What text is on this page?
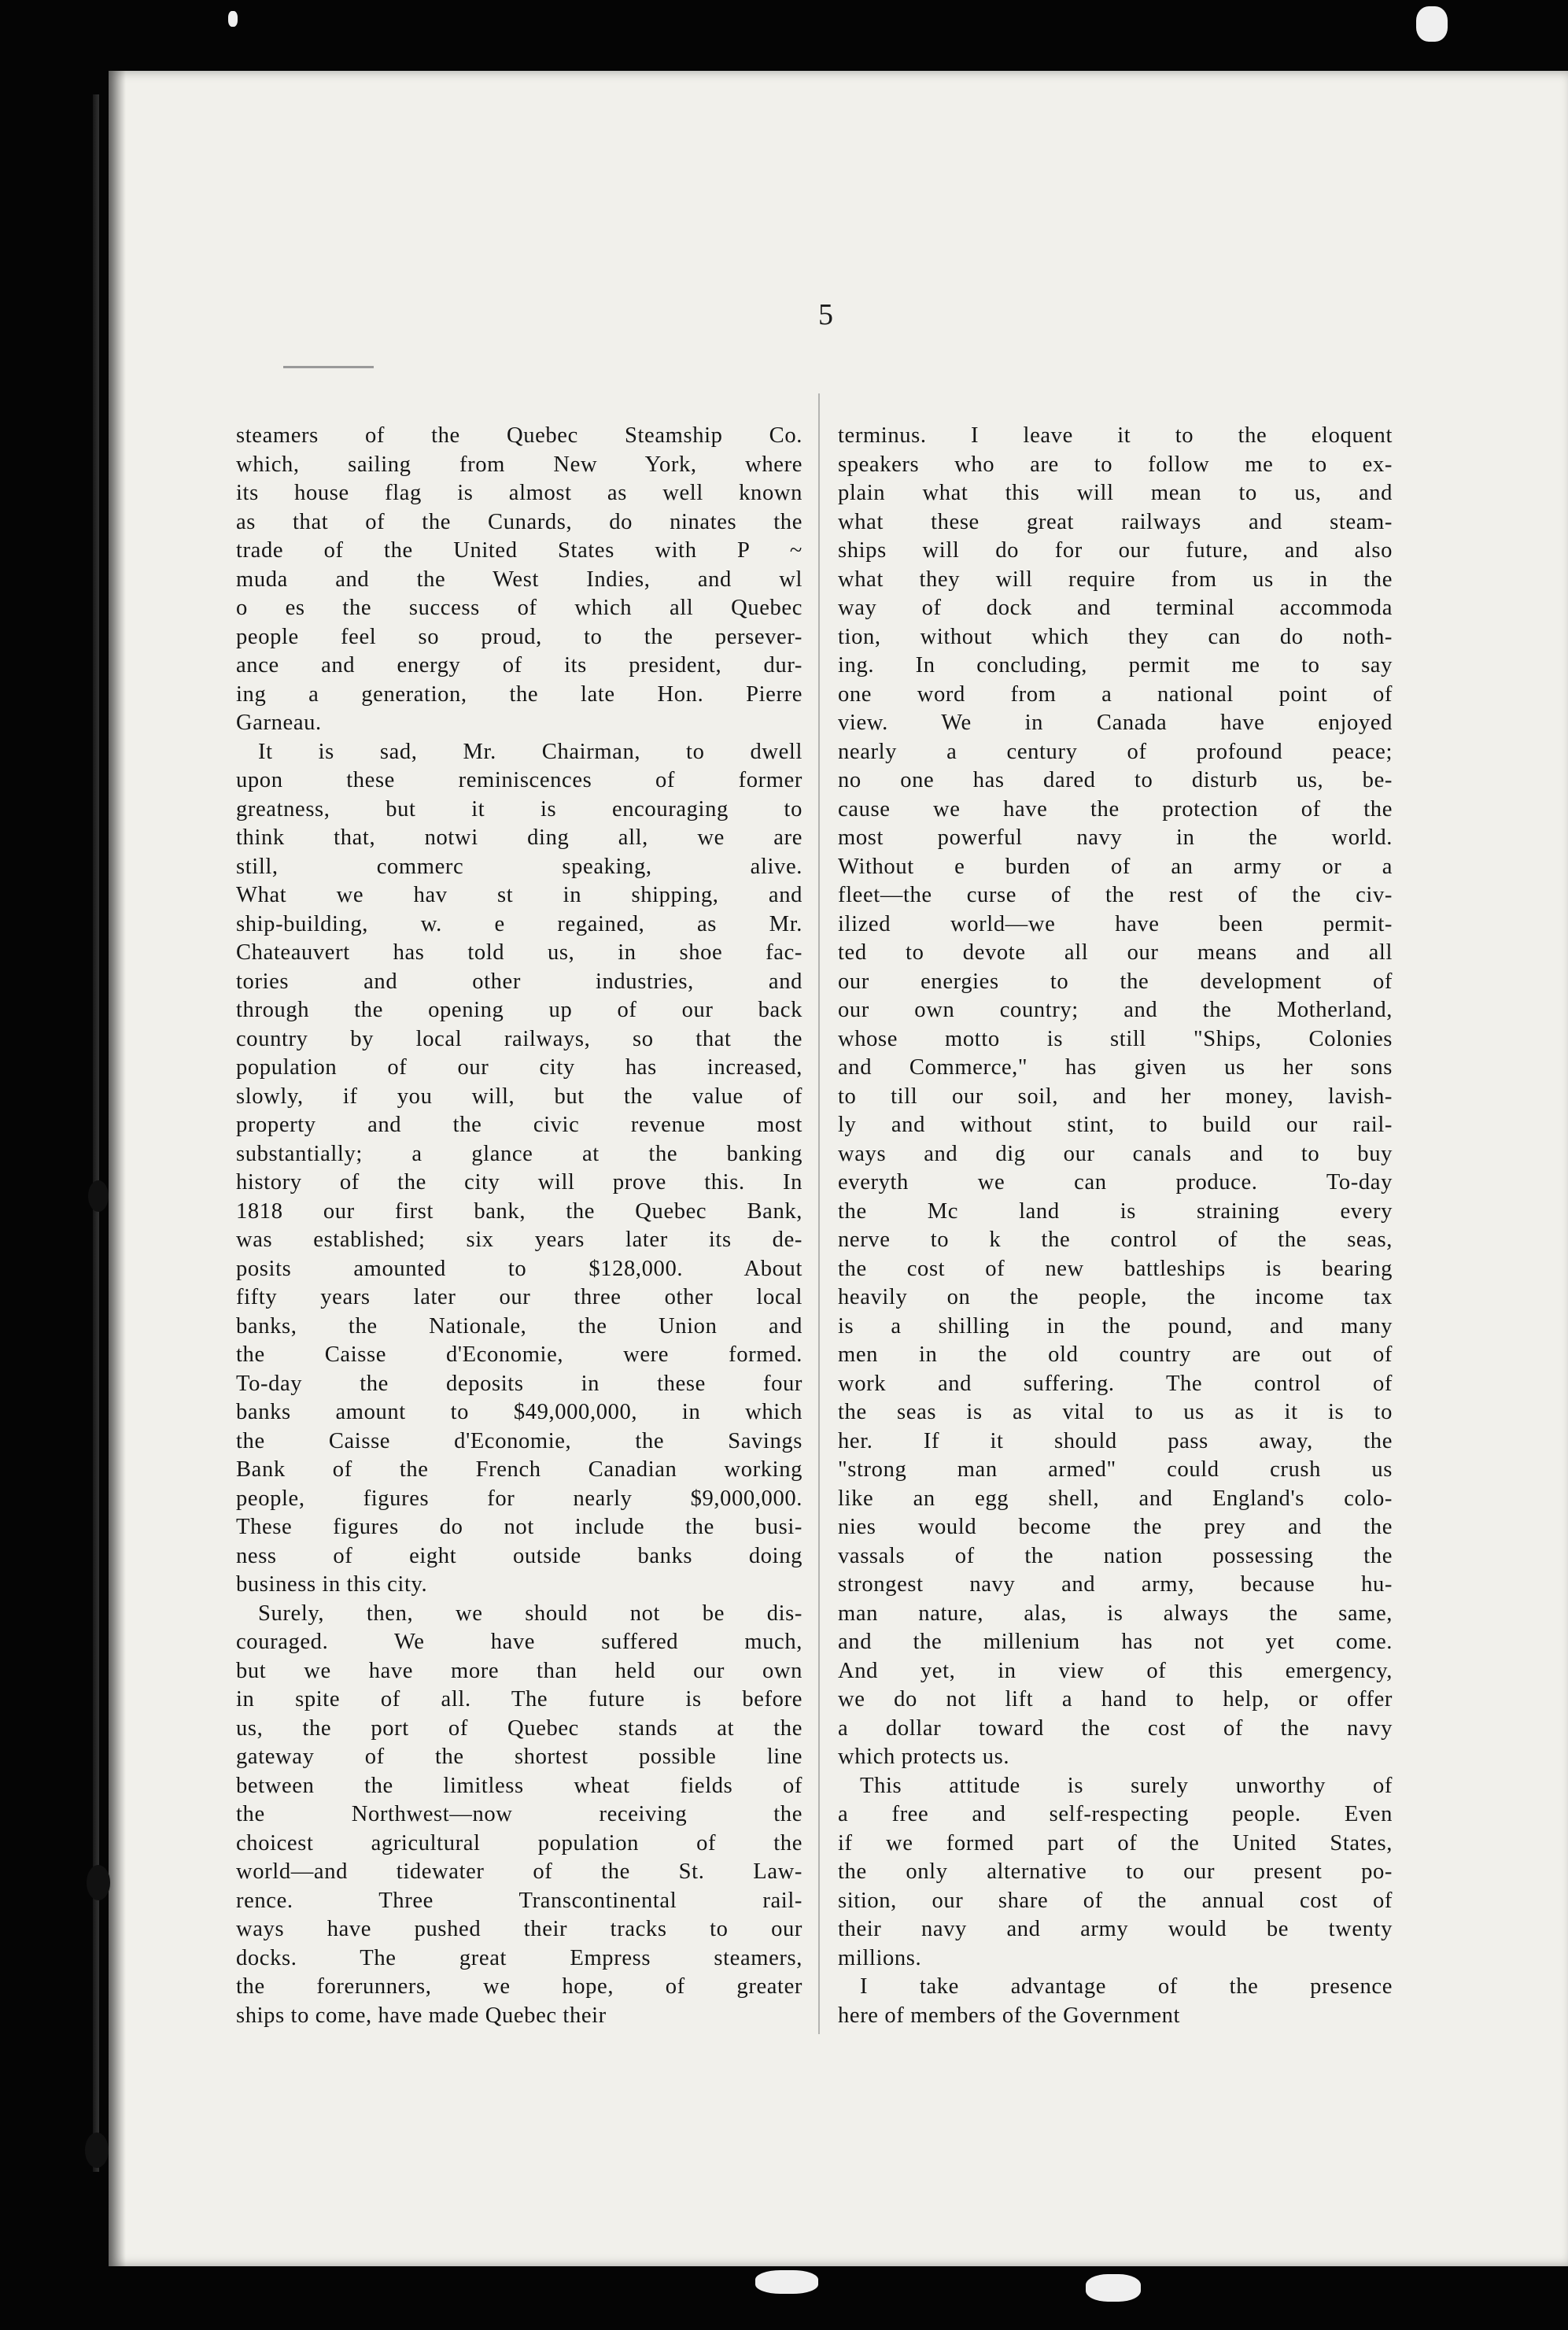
5

steamers of the Quebec Steamship Co.
which, sailing from New York, where
its house flag is almost as well known
as that of the Cunards, do ninates the
trade of the United States with P ~
muda and the West Indies, and wl
o es the success of which all Quebec
people feel so proud, to the persever-
ance and energy of its president, dur-
ing a generation, the late Hon. Pierre
Garneau.
It is sad, Mr. Chairman, to dwell
upon these reminiscences of former
greatness, but it is encouraging to
think that, notwi ding all, we are
still, commerc speaking, alive.
What we hav st in shipping, and
ship-building, w. e regained, as Mr.
Chateauvert has told us, in shoe fac-
tories and other industries, and
through the opening up of our back
country by local railways, so that the
population of our city has increased,
slowly, if you will, but the value of
property and the civic revenue most
substantially; a glance at the banking
history of the city will prove this. In
1818 our first bank, the Quebec Bank,
was established; six years later its de-
posits amounted to $128,000. About
fifty years later our three other local
banks, the Nationale, the Union and
the Caisse d'Economie, were formed.
To-day the deposits in these four
banks amount to $49,000,000, in which
the Caisse d'Economie, the Savings
Bank of the French Canadian working
people, figures for nearly $9,000,000.
These figures do not include the busi-
ness of eight outside banks doing
business in this city.
Surely, then, we should not be dis-
couraged. We have suffered much,
but we have more than held our own
in spite of all. The future is before
us, the port of Quebec stands at the
gateway of the shortest possible line
between the limitless wheat fields of
the Northwest—now receiving the
choicest agricultural population of the
world—and tidewater of the St. Law-
rence. Three Transcontinental rail-
ways have pushed their tracks to our
docks. The great Empress steamers,
the forerunners, we hope, of greater
ships to come, have made Quebec their

terminus. I leave it to the eloquent
speakers who are to follow me to ex-
plain what this will mean to us, and
what these great railways and steam-
ships will do for our future, and also
what they will require from us in the
way of dock and terminal accommoda
tion, without which they can do noth-
ing. In concluding, permit me to say
one word from a national point of
view. We in Canada have enjoyed
nearly a century of profound peace;
no one has dared to disturb us, be-
cause we have the protection of the
most powerful navy in the world.
Without e burden of an army or a
fleet—the curse of the rest of the civ-
ilized world—we have been permit-
ted to devote all our means and all
our energies to the development of
our own country; and the Motherland,
whose motto is still "Ships, Colonies
and Commerce," has given us her sons
to till our soil, and her money, lavish-
ly and without stint, to build our rail-
ways and dig our canals and to buy
everyth we can produce. To-day
the Mc land is straining every
nerve to k the control of the seas,
the cost of new battleships is bearing
heavily on the people, the income tax
is a shilling in the pound, and many
men in the old country are out of
work and suffering. The control of
the seas is as vital to us as it is to
her. If it should pass away, the
"strong man armed" could crush us
like an egg shell, and England's colo-
nies would become the prey and the
vassals of the nation possessing the
strongest navy and army, because hu-
man nature, alas, is always the same,
and the millenium has not yet come.
And yet, in view of this emergency,
we do not lift a hand to help, or offer
a dollar toward the cost of the navy
which protects us.
This attitude is surely unworthy of
a free and self-respecting people. Even
if we formed part of the United States,
the only alternative to our present po-
sition, our share of the annual cost of
their navy and army would be twenty
millions.
I take advantage of the presence
here of members of the Government
